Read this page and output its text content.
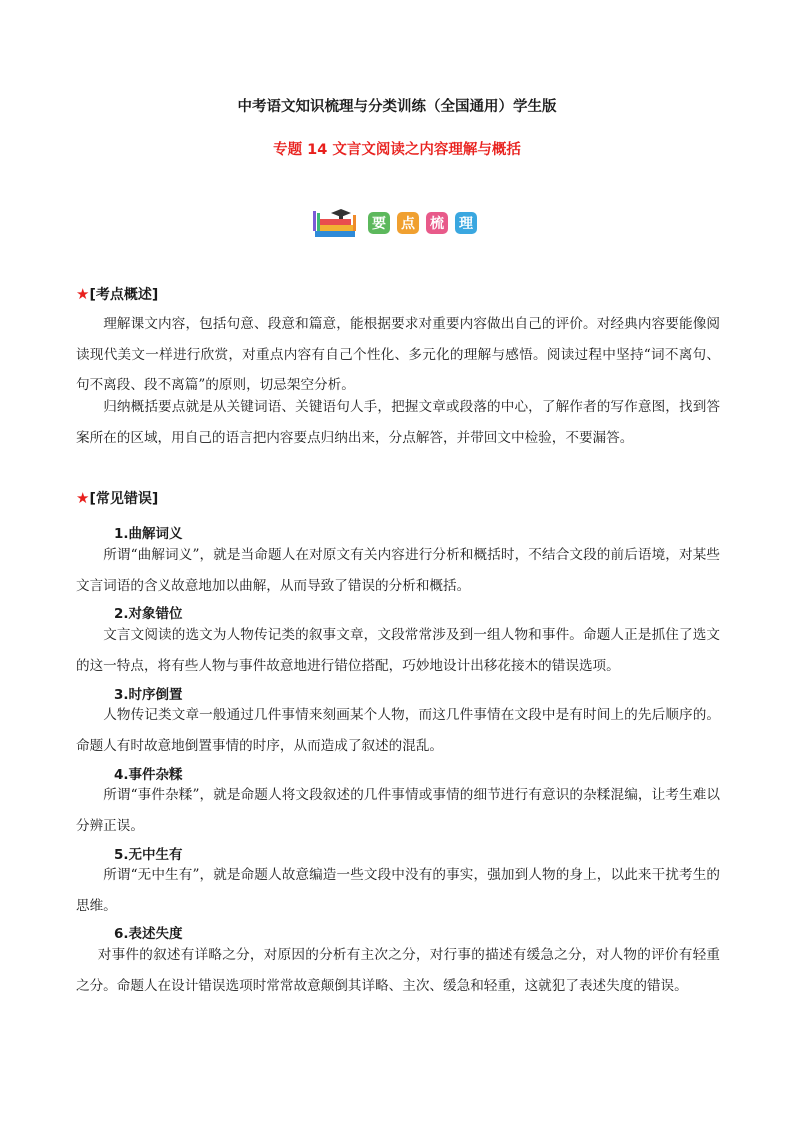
中考语文知识梳理与分类训练（全国通用）学生版
专题 14 文言文阅读之内容理解与概括
要 点 梳 理
★[考点概述]
理解课文内容，包括句意、段意和篇意，能根据要求对重要内容做出自己的评价。对经典内容要能像阅读现代美文一样进行欣赏，对重点内容有自己个性化、多元化的理解与感悟。阅读过程中坚持“词不离句、句不离段、段不离篇”的原则，切忌架空分析。
归纳概括要点就是从关键词语、关键语句人手，把握文章或段落的中心，了解作者的写作意图，找到答案所在的区域，用自己的语言把内容要点归纳出来，分点解答，并带回文中检验，不要漏答。
★[常见错误]
1.曲解词义
所谓“曲解词义”，就是当命题人在对原文有关内容进行分析和概括时，不结合文段的前后语境，对某些文言词语的含义故意地加以曲解，从而导致了错误的分析和概括。
2.对象错位
文言文阅读的选文为人物传记类的叙事文章，文段常常涉及到一组人物和事件。命题人正是抓住了选文的这一特点，将有些人物与事件故意地进行错位搭配，巧妙地设计出移花接木的错误选项。
3.时序倒置
人物传记类文章一般通过几件事情来刻画某个人物，而这几件事情在文段中是有时间上的先后顺序的。命题人有时故意地倒置事情的时序，从而造成了叙述的混乱。
4.事件杂糅
所谓“事件杂糅”，就是命题人将文段叙述的几件事情或事情的细节进行有意识的杂糅混编，让考生难以分辨正误。
5.无中生有
所谓“无中生有”，就是命题人故意编造一些文段中没有的事实，强加到人物的身上，以此来干扰考生的思维。
6.表述失度
对事件的叙述有详略之分，对原因的分析有主次之分，对行事的描述有缓急之分，对人物的评价有轻重之分。命题人在设计错误选项时常常故意颠倒其详略、主次、缓急和轻重，这就犯了表述失度的错误。
